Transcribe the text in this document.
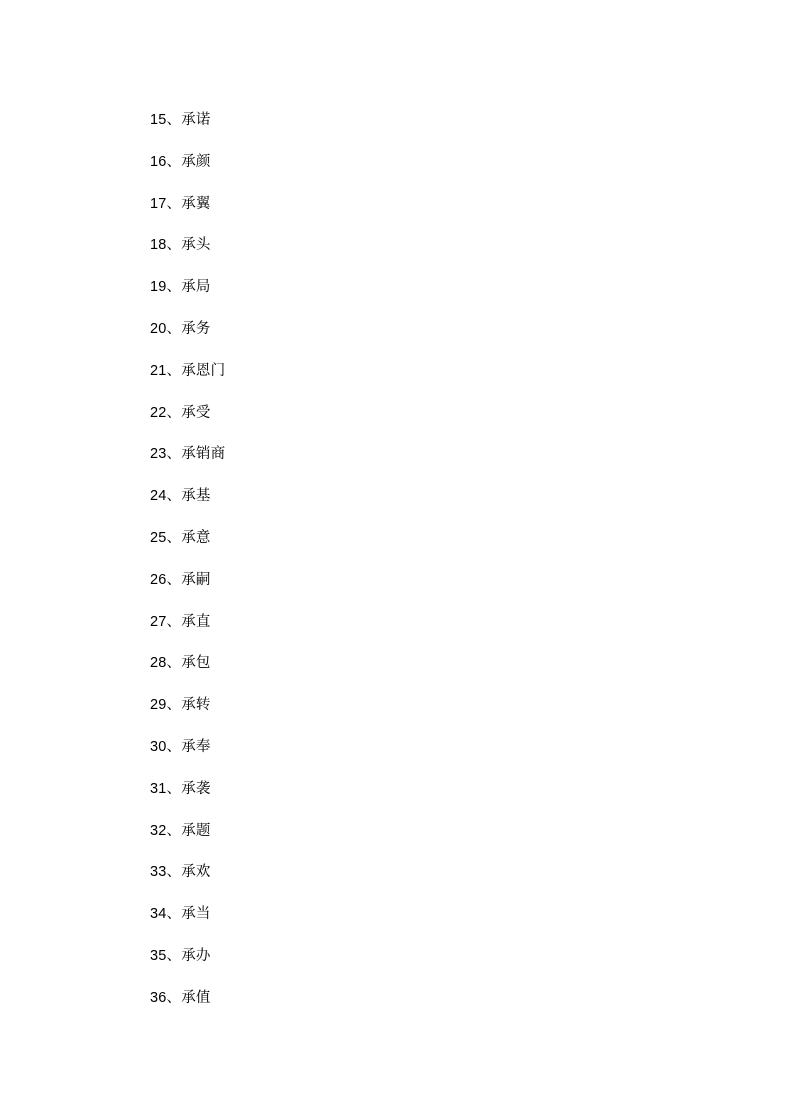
15、承诺
16、承颜
17、承翼
18、承头
19、承局
20、承务
21、承恩门
22、承受
23、承销商
24、承基
25、承意
26、承嗣
27、承直
28、承包
29、承转
30、承奉
31、承袭
32、承题
33、承欢
34、承当
35、承办
36、承值
